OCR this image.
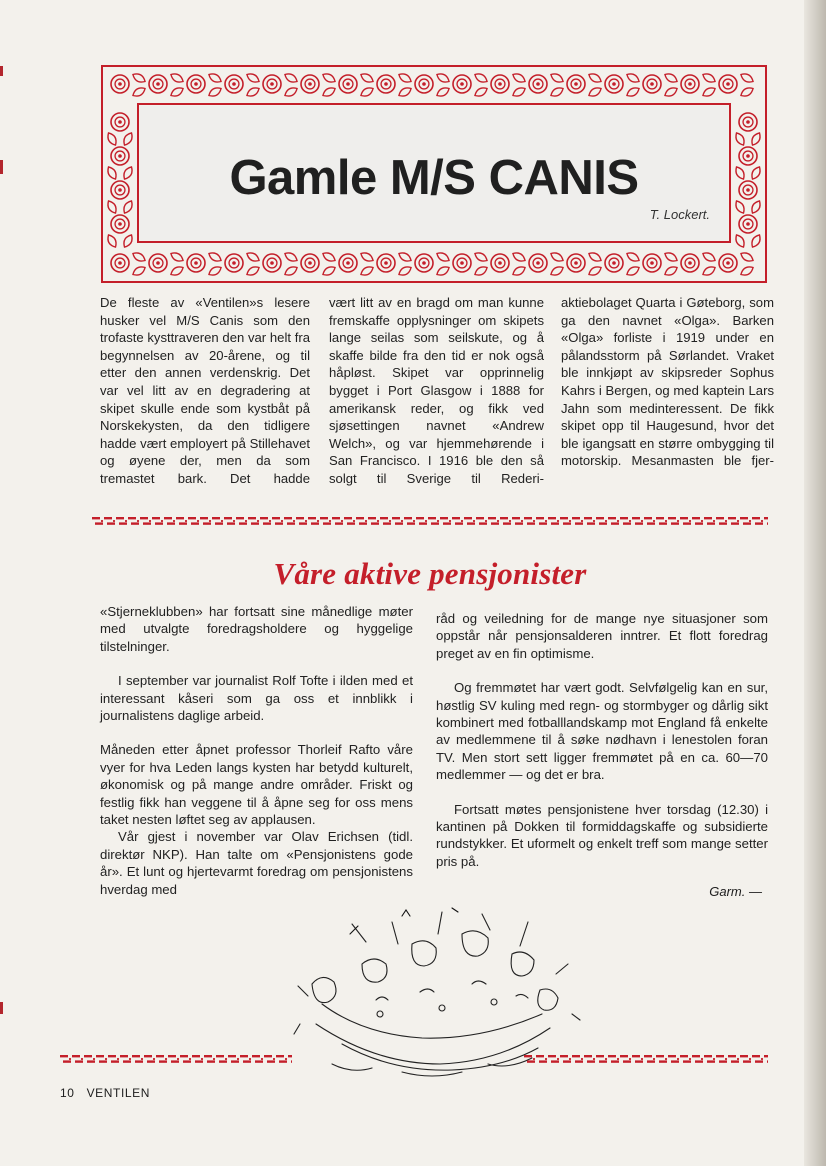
Gamle M/S CANIS
T. Lockert.

De fleste av «Ventilen»s lesere husker vel M/S Canis som den trofaste kysttraveren den var helt fra begynnelsen av 20-årene, og til etter den annen verdenskrig. Det var vel litt av en degradering at skipet skulle ende som kystbåt på Norskekysten, da den tidligere hadde vært employert på Stillehavet og øyene der, men da som tremastet bark. Det hadde

vært litt av en bragd om man kunne fremskaffe opplysninger om skipets lange seilas som seilskute, og å skaffe bilde fra den tid er nok også håpløst. Skipet var opprinnelig bygget i Port Glasgow i 1888 for amerikansk reder, og fikk ved sjøsettingen navnet «Andrew Welch», og var hjemmehørende i San Francisco. I 1916 ble den så solgt til Sverige til Rederi-

aktiebolaget Quarta i Gøteborg, som ga den navnet «Olga». Barken «Olga» forliste i 1919 under en pålandsstorm på Sørlandet. Vraket ble innkjøpt av skipsreder Sophus Kahrs i Bergen, og med kaptein Lars Jahn som medinteressent. De fikk skipet opp til Haugesund, hvor det ble igangsatt en større ombygging til motorskip. Mesanmasten ble fjer-

Våre aktive pensjonister

«Stjerneklubben» har fortsatt sine månedlige møter med utvalgte foredragsholdere og hyggelige tilstelninger.

I september var journalist Rolf Tofte i ilden med et interessant kåseri som ga oss et innblikk i journalistens daglige arbeid.

Måneden etter åpnet professor Thorleif Rafto våre vyer for hva Leden langs kysten har betydd kulturelt, økonomisk og på mange andre områder. Friskt og festlig fikk han veggene til å åpne seg for oss mens taket nesten løftet seg av applausen.

Vår gjest i november var Olav Erichsen (tidl. direktør NKP). Han talte om «Pensjonistens gode år». Et lunt og hjertevarmt foredrag om pensjonistens hverdag med

råd og veiledning for de mange nye situasjoner som oppstår når pensjonsalderen inntrer. Et flott foredrag preget av en fin optimisme.

Og fremmøtet har vært godt. Selvfølgelig kan en sur, høstlig SV kuling med regn- og stormbyger og dårlig sikt kombinert med fotballlandskamp mot England få enkelte av medlemmene til å søke nødhavn i lenestolen foran TV. Men stort sett ligger fremmøtet på en ca. 60—70 medlemmer — og det er bra.

Fortsatt møtes pensjonistene hver torsdag (12.30) i kantinen på Dokken til formiddagskaffe og subsidierte rundstykker. Et uformelt og enkelt treff som mange setter pris på.

Garm. —
10 VENTILEN
